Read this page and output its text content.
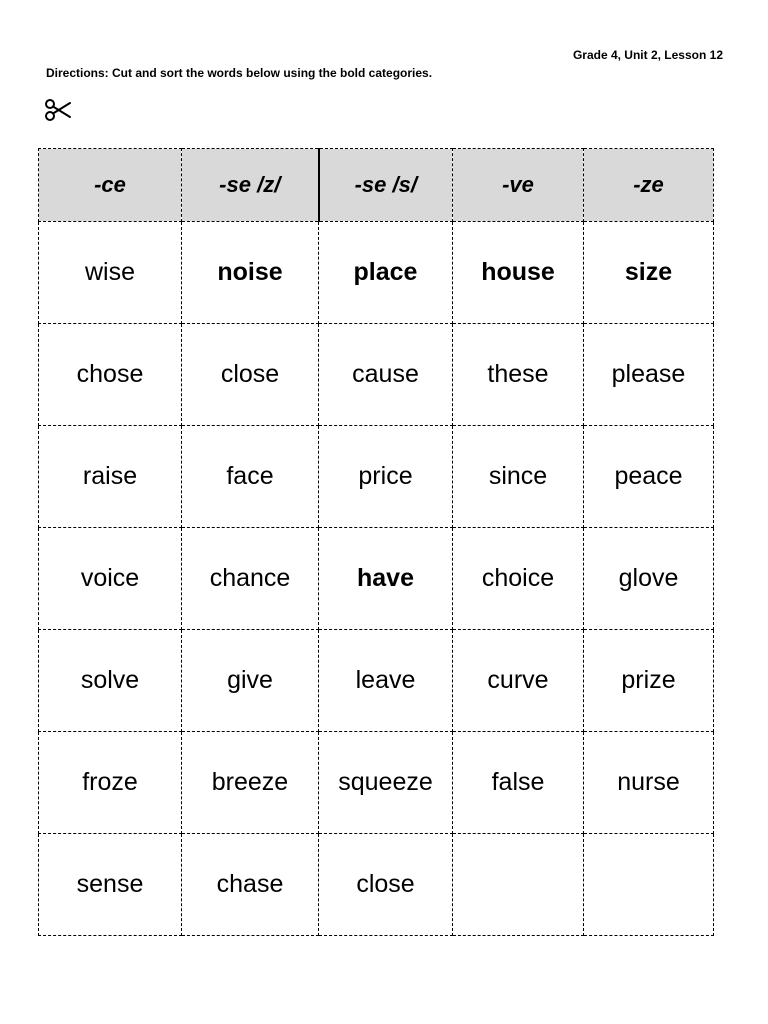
Grade 4, Unit 2, Lesson 12
Directions: Cut and sort the words below using the bold categories.
-ce	-se /z/	-se /s/	-ve	-ze
wise	noise	place	house	size
chose	close	cause	these	please
raise	face	price	since	peace
voice	chance	have	choice	glove
solve	give	leave	curve	prize
froze	breeze	squeeze	false	nurse
sense	chase	close		
